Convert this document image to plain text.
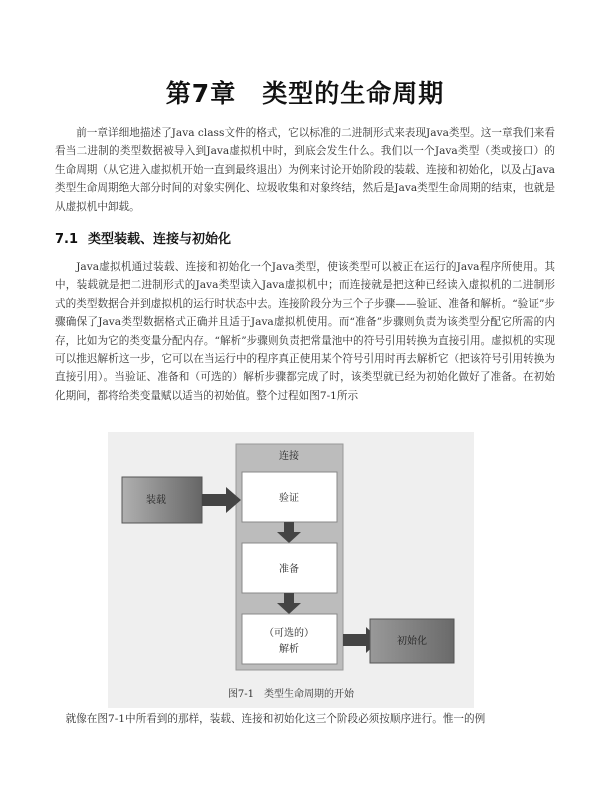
第7章　类型的生命周期

前一章详细地描述了Java class文件的格式，它以标准的二进制形式来表现Java类型。这一章我们来看看当二进制的类型数据被导入到Java虚拟机中时，到底会发生什么。我们以一个Java类型（类或接口）的生命周期（从它进入虚拟机开始一直到最终退出）为例来讨论开始阶段的装载、连接和初始化，以及占Java类型生命周期绝大部分时间的对象实例化、垃圾收集和对象终结，然后是Java类型生命周期的结束，也就是从虚拟机中卸载。

7.1 类型装载、连接与初始化

Java虚拟机通过装载、连接和初始化一个Java类型，使该类型可以被正在运行的Java程序所使用。其中，装载就是把二进制形式的Java类型读入Java虚拟机中；而连接就是把这种已经读入虚拟机的二进制形式的类型数据合并到虚拟机的运行时状态中去。连接阶段分为三个子步骤——验证、准备和解析。“验证”步骤确保了Java类型数据格式正确并且适于Java虚拟机使用。而“准备”步骤则负责为该类型分配它所需的内存，比如为它的类变量分配内存。“解析”步骤则负责把常量池中的符号引用转换为直接引用。虚拟机的实现可以推迟解析这一步，它可以在当运行中的程序真正使用某个符号引用时再去解析它（把该符号引用转换为直接引用）。当验证、准备和（可选的）解析步骤都完成了时，该类型就已经为初始化做好了准备。在初始化期间，都将给类变量赋以适当的初始值。整个过程如图7-1所示

连接
装载	验证
准备
（可选的）
解析
初始化
图7-1　类型生命周期的开始
就像在图7-1中所看到的那样，装载、连接和初始化这三个阶段必须按顺序进行。惟一的例
